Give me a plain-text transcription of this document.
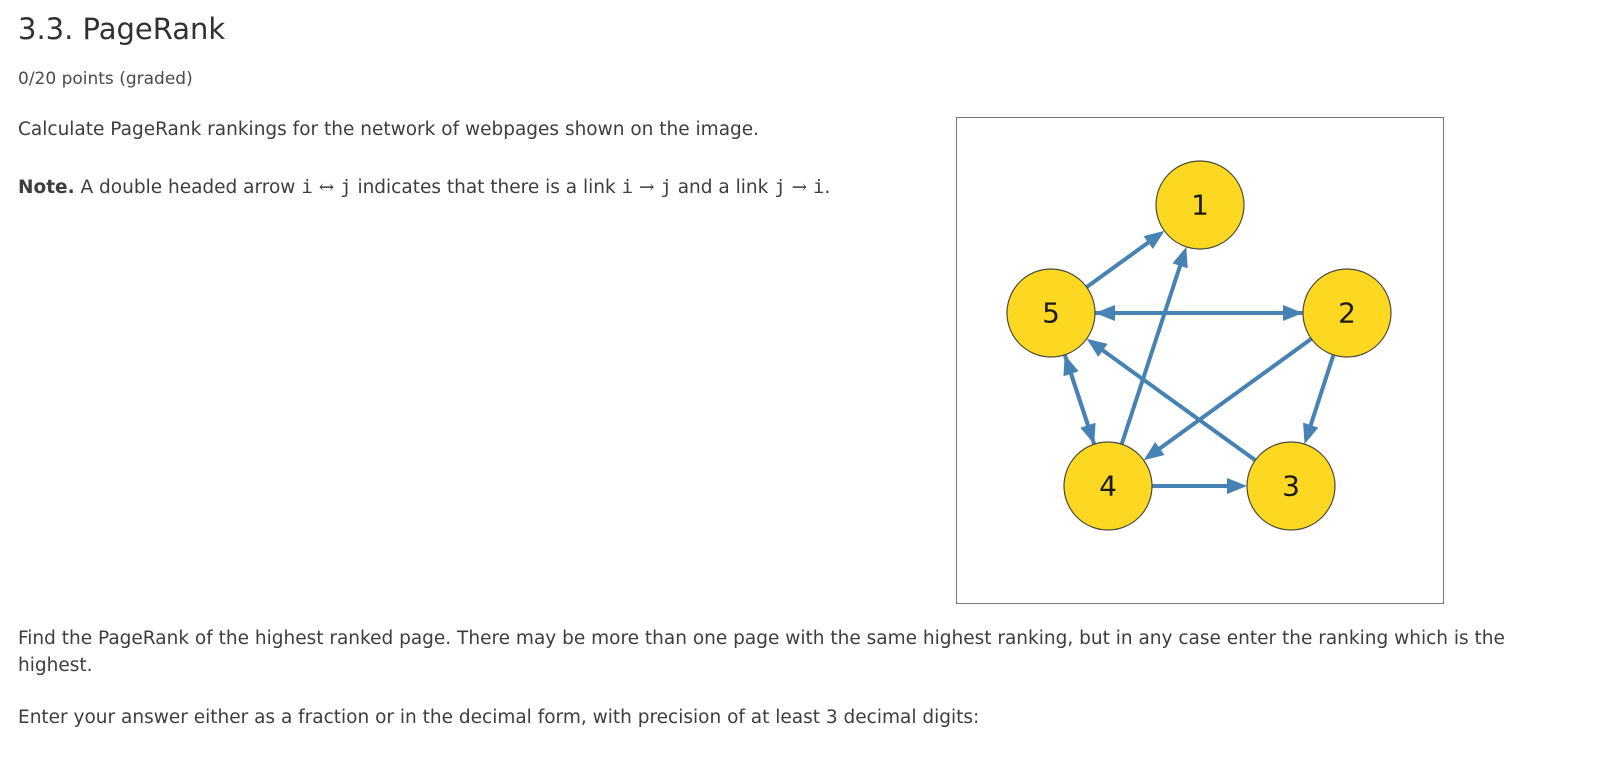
3.3. PageRank
0/20 points (graded)

Calculate PageRank rankings for the network of webpages shown on the image.

Note. A double headed arrow i ↔ j indicates that there is a link i → j and a link j → i.

1
2
3
4
5

Find the PageRank of the highest ranked page. There may be more than one page with the same highest ranking, but in any case enter the ranking which is the highest.

Enter your answer either as a fraction or in the decimal form, with precision of at least 3 decimal digits:
